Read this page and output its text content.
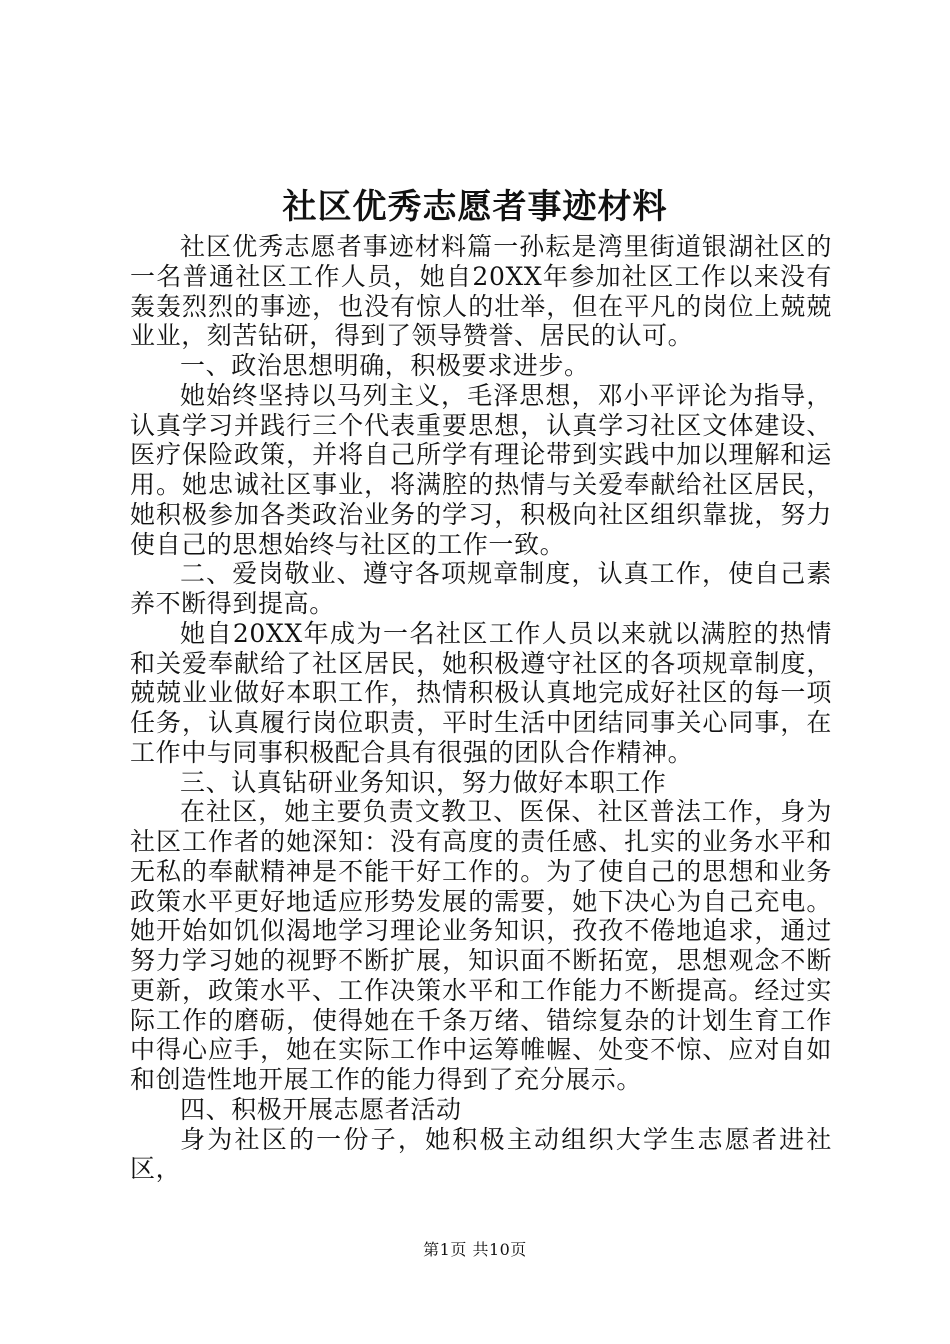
社区优秀志愿者事迹材料

社区优秀志愿者事迹材料篇一孙耘是湾里街道银湖社区的一名普通社区工作人员，她自20XX年参加社区工作以来没有轰轰烈烈的事迹，也没有惊人的壮举，但在平凡的岗位上兢兢业业，刻苦钻研，得到了领导赞誉、居民的认可。

一、政治思想明确，积极要求进步。

她始终坚持以马列主义，毛泽思想，邓小平评论为指导，认真学习并践行三个代表重要思想，认真学习社区文体建设、医疗保险政策，并将自己所学有理论带到实践中加以理解和运用。她忠诚社区事业，将满腔的热情与关爱奉献给社区居民，她积极参加各类政治业务的学习，积极向社区组织靠拢，努力使自己的思想始终与社区的工作一致。

二、爱岗敬业、遵守各项规章制度，认真工作，使自己素养不断得到提高。

她自20XX年成为一名社区工作人员以来就以满腔的热情和关爱奉献给了社区居民，她积极遵守社区的各项规章制度，兢兢业业做好本职工作，热情积极认真地完成好社区的每一项任务，认真履行岗位职责，平时生活中团结同事关心同事，在工作中与同事积极配合具有很强的团队合作精神。

三、认真钻研业务知识，努力做好本职工作

在社区，她主要负责文教卫、医保、社区普法工作，身为社区工作者的她深知：没有高度的责任感、扎实的业务水平和无私的奉献精神是不能干好工作的。为了使自己的思想和业务政策水平更好地适应形势发展的需要，她下决心为自己充电。她开始如饥似渴地学习理论业务知识，孜孜不倦地追求，通过努力学习她的视野不断扩展，知识面不断拓宽，思想观念不断更新，政策水平、工作决策水平和工作能力不断提高。经过实际工作的磨砺，使得她在千条万绪、错综复杂的计划生育工作中得心应手，她在实际工作中运筹帷幄、处变不惊、应对自如和创造性地开展工作的能力得到了充分展示。

四、积极开展志愿者活动

身为社区的一份子，她积极主动组织大学生志愿者进社区，

第1页 共10页
